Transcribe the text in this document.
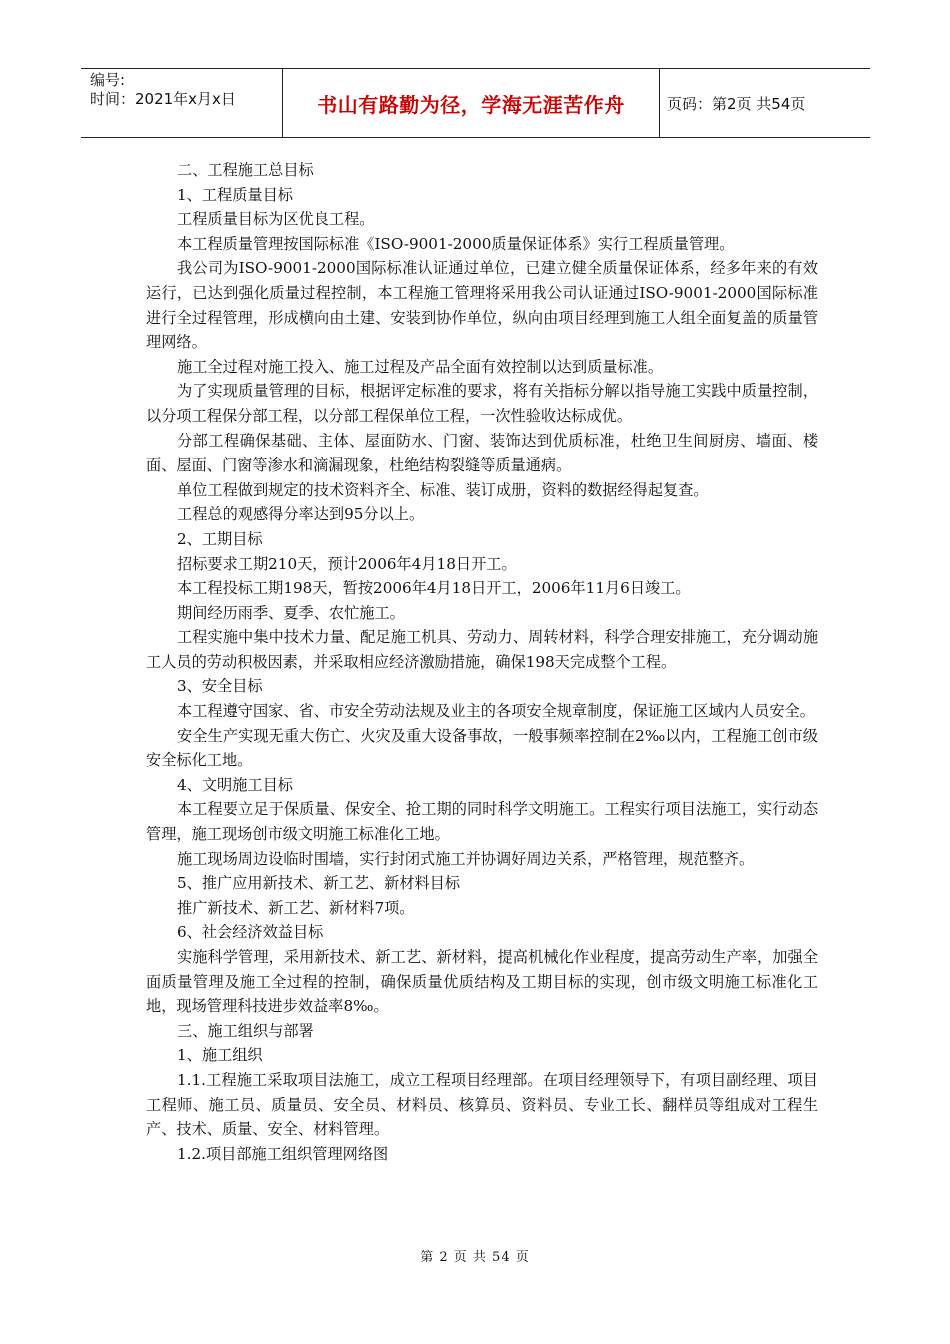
编号:
时间：2021年x月x日	书山有路勤为径，学海无涯苦作舟	页码：第2页 共54页

二、工程施工总目标

1、工程质量目标

工程质量目标为区优良工程。

本工程质量管理按国际标准《ISO-9001-2000质量保证体系》实行工程质量管理。

我公司为ISO-9001-2000国际标准认证通过单位，已建立健全质量保证体系，经多年来的有效运行，已达到强化质量过程控制，本工程施工管理将采用我公司认证通过ISO-9001-2000国际标准进行全过程管理，形成横向由土建、安装到协作单位，纵向由项目经理到施工人组全面复盖的质量管理网络。

施工全过程对施工投入、施工过程及产品全面有效控制以达到质量标准。

为了实现质量管理的目标，根据评定标准的要求，将有关指标分解以指导施工实践中质量控制，以分项工程保分部工程，以分部工程保单位工程，一次性验收达标成优。

分部工程确保基础、主体、屋面防水、门窗、装饰达到优质标准，杜绝卫生间厨房、墙面、楼面、屋面、门窗等渗水和滴漏现象，杜绝结构裂缝等质量通病。

单位工程做到规定的技术资料齐全、标准、装订成册，资料的数据经得起复查。

工程总的观感得分率达到95分以上。

2、工期目标

招标要求工期210天，预计2006年4月18日开工。

本工程投标工期198天，暂按2006年4月18日开工，2006年11月6日竣工。

期间经历雨季、夏季、农忙施工。

工程实施中集中技术力量、配足施工机具、劳动力、周转材料，科学合理安排施工，充分调动施工人员的劳动积极因素，并采取相应经济激励措施，确保198天完成整个工程。

3、安全目标

本工程遵守国家、省、市安全劳动法规及业主的各项安全规章制度，保证施工区域内人员安全。

安全生产实现无重大伤亡、火灾及重大设备事故，一般事频率控制在2‰以内，工程施工创市级安全标化工地。

4、文明施工目标

本工程要立足于保质量、保安全、抢工期的同时科学文明施工。工程实行项目法施工，实行动态管理，施工现场创市级文明施工标准化工地。

施工现场周边设临时围墙，实行封闭式施工并协调好周边关系，严格管理，规范整齐。

5、推广应用新技术、新工艺、新材料目标

推广新技术、新工艺、新材料7项。

6、社会经济效益目标

实施科学管理，采用新技术、新工艺、新材料，提高机械化作业程度，提高劳动生产率，加强全面质量管理及施工全过程的控制，确保质量优质结构及工期目标的实现，创市级文明施工标准化工地，现场管理科技进步效益率8‰。

三、施工组织与部署

1、施工组织

1.1.工程施工采取项目法施工，成立工程项目经理部。在项目经理领导下，有项目副经理、项目工程师、施工员、质量员、安全员、材料员、核算员、资料员、专业工长、翻样员等组成对工程生产、技术、质量、安全、材料管理。

1.2.项目部施工组织管理网络图

第 2 页 共 54 页
